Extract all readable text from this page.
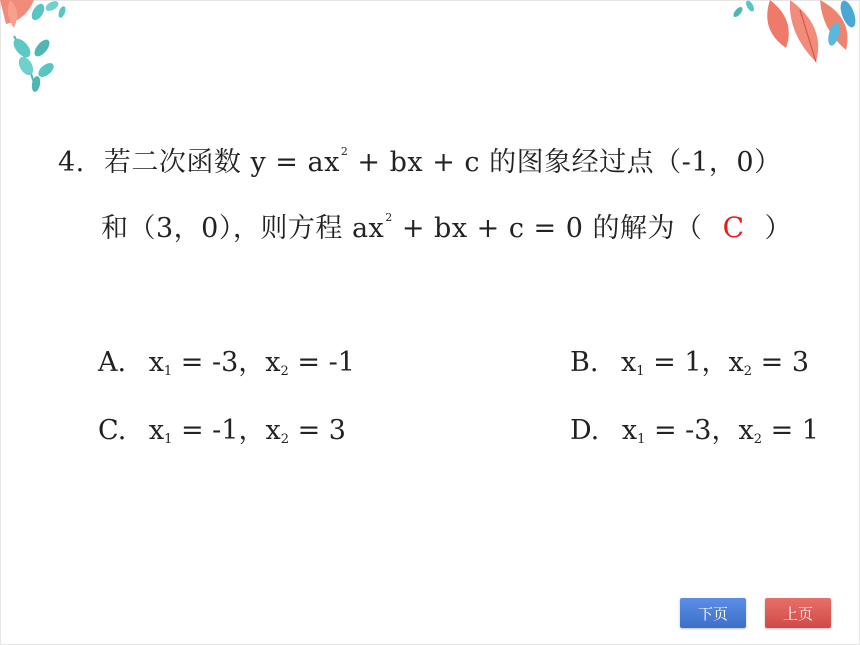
4. 若二次函数 $y = ax^2$ + bx + c 的图象经过点（-1，0）
和（3，0），则方程 $ax^2$ + bx + c = 0 的解为（ C ）
A. $x_1 = -3$，$x_2 = -1$	B. $x_1 = 1$，$x_2 = 3$
C. $x_1 = -1$，$x_2 = 3$	D. $x_1 = -3$，$x_2 = 1$
下页	上页
